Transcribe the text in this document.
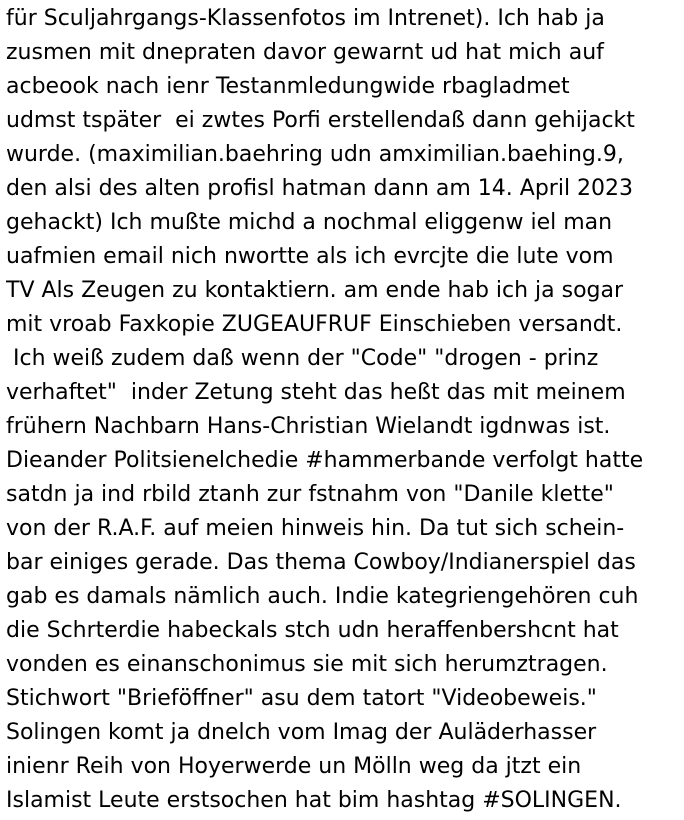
für Sculjahrgangs-Klassenfotos im Intrenet). Ich hab ja
zusmen mit dnepraten davor gewarnt ud hat mich auf
acbeook nach ienr Testanmledungwide rbagladmet
udmst tspäter  ei zwtes Porfi erstellendaß dann gehijackt
wurde. (maximilian.baehring udn amximilian.baehing.9,
den alsi des alten profisl hatman dann am 14. April 2023
gehackt) Ich mußte michd a nochmal eliggenw iel man
uafmien email nich nwortte als ich evrcjte die lute vom
TV Als Zeugen zu kontaktiern. am ende hab ich ja sogar
mit vroab Faxkopie ZUGEAUFRUF Einschieben versandt.
Ich weiß zudem daß wenn der "Code" "drogen - prinz
verhaftet"  inder Zetung steht das heßt das mit meinem
frühern Nachbarn Hans-Christian Wielandt igdnwas ist.
Dieander Politsienelchedie #hammerbande verfolgt hatte
satdn ja ind rbild ztanh zur fstnahm von "Danile klette"
von der R.A.F. auf meien hinweis hin. Da tut sich schein-
bar einiges gerade. Das thema Cowboy/Indianerspiel das
gab es damals nämlich auch. Indie kategriengehören cuh
die Schrterdie habeckals stch udn heraffenbershcnt hat
vonden es einanschonimus sie mit sich herumztragen.
Stichwort "Brieföffner" asu dem tatort "Videobeweis."
Solingen komt ja dnelch vom Imag der Auläderhasser
inienr Reih von Hoyerwerde un Mölln weg da jtzt ein
Islamist Leute erstsochen hat bim hashtag #SOLINGEN.
